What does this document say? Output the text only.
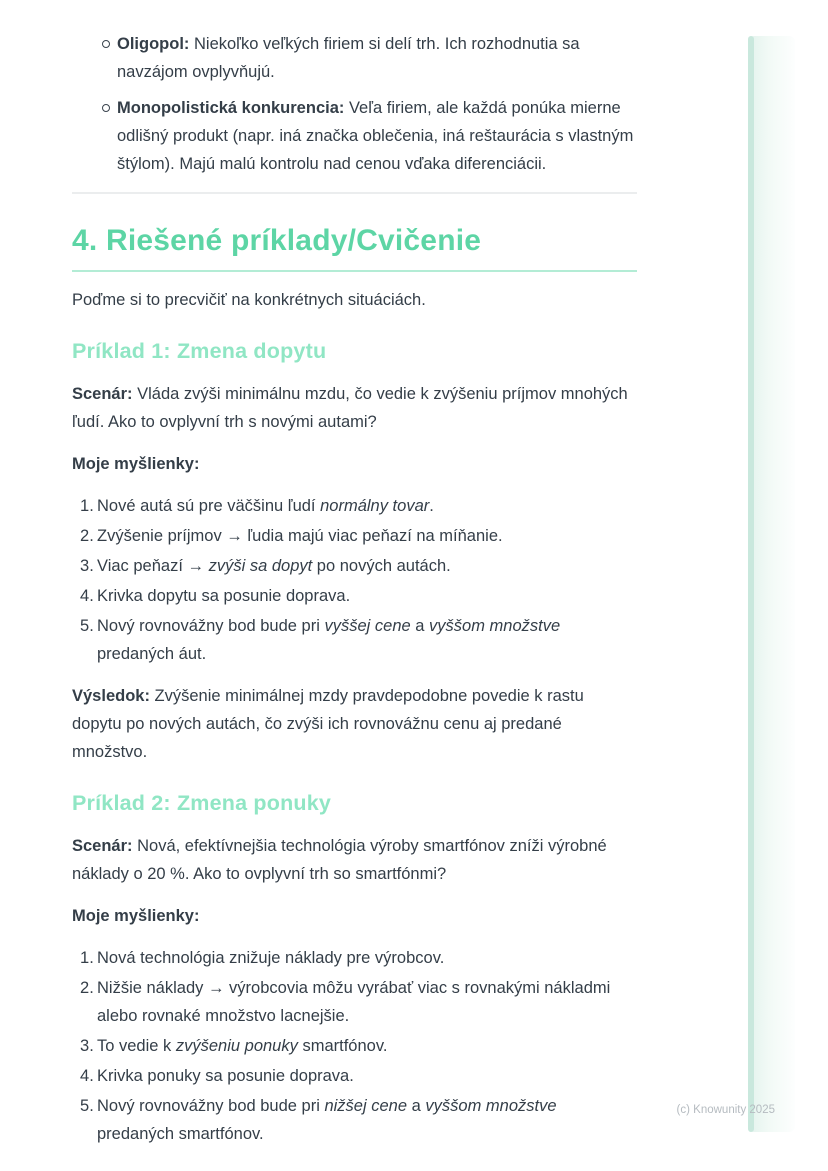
Oligopol: Niekoľko veľkých firiem si delí trh. Ich rozhodnutia sa navzájom ovplyvňujú.
Monopolistická konkurencia: Veľa firiem, ale každá ponúka mierne odlišný produkt (napr. iná značka oblečenia, iná reštaurácia s vlastným štýlom). Majú malú kontrolu nad cenou vďaka diferenciácii.
4. Riešené príklady/Cvičenie

Poďme si to precvičiť na konkrétnych situáciách.

Príklad 1: Zmena dopytu

Scenár: Vláda zvýši minimálnu mzdu, čo vedie k zvýšeniu príjmov mnohých ľudí. Ako to ovplyvní trh s novými autami?

Moje myšlienky:

Nové autá sú pre väčšinu ľudí normálny tovar.
Zvýšenie príjmov → ľudia majú viac peňazí na míňanie.
Viac peňazí → zvýši sa dopyt po nových autách.
Krivka dopytu sa posunie doprava.
Nový rovnovážny bod bude pri vyššej cene a vyššom množstve predaných áut.

Výsledok: Zvýšenie minimálnej mzdy pravdepodobne povedie k rastu dopytu po nových autách, čo zvýši ich rovnovážnu cenu aj predané množstvo.

Príklad 2: Zmena ponuky

Scenár: Nová, efektívnejšia technológia výroby smartfónov zníži výrobné náklady o 20 %. Ako to ovplyvní trh so smartfónmi?

Moje myšlienky:

Nová technológia znižuje náklady pre výrobcov.
Nižšie náklady → výrobcovia môžu vyrábať viac s rovnakými nákladmi alebo rovnaké množstvo lacnejšie.
To vedie k zvýšeniu ponuky smartfónov.
Krivka ponuky sa posunie doprava.
Nový rovnovážny bod bude pri nižšej cene a vyššom množstve predaných smartfónov.
(c) Knowunity 2025
